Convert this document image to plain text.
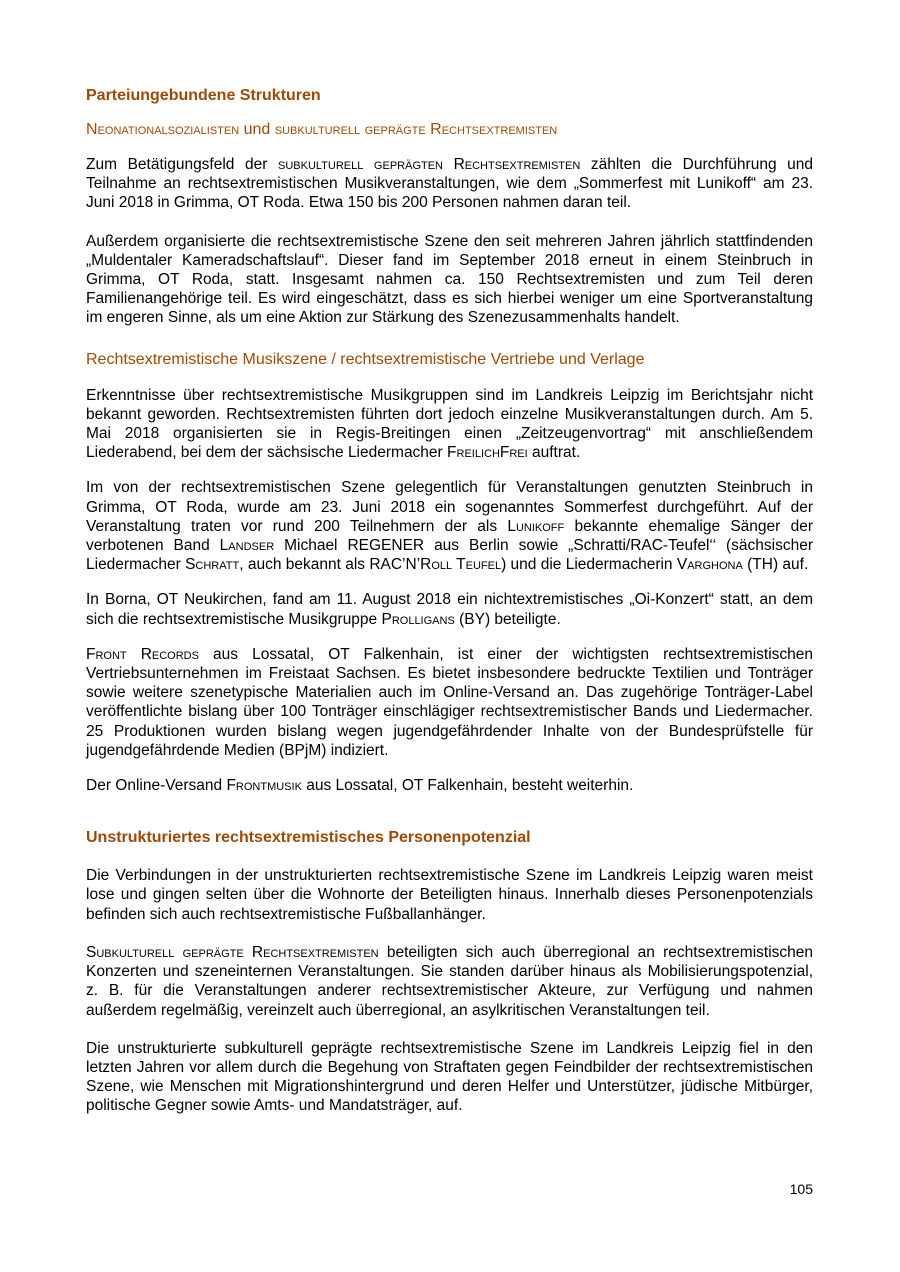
Parteiungebundene Strukturen
Neonationalsozialisten und subkulturell geprägte Rechtsextremisten

Zum Betätigungsfeld der subkulturell geprägten Rechtsextremisten zählten die Durchführung und Teilnahme an rechtsextremistischen Musikveranstaltungen, wie dem „Sommerfest mit Lunikoff“ am 23. Juni 2018 in Grimma, OT Roda. Etwa 150 bis 200 Personen nahmen daran teil.

Außerdem organisierte die rechtsextremistische Szene den seit mehreren Jahren jährlich stattfindenden „Muldentaler Kameradschaftslauf“. Dieser fand im September 2018 erneut in einem Steinbruch in Grimma, OT Roda, statt. Insgesamt nahmen ca. 150 Rechtsextremisten und zum Teil deren Familienangehörige teil. Es wird eingeschätzt, dass es sich hierbei weniger um eine Sportveranstaltung im engeren Sinne, als um eine Aktion zur Stärkung des Szenezusammenhalts handelt.

Rechtsextremistische Musikszene / rechtsextremistische Vertriebe und Verlage

Erkenntnisse über rechtsextremistische Musikgruppen sind im Landkreis Leipzig im Berichtsjahr nicht bekannt geworden. Rechtsextremisten führten dort jedoch einzelne Musikveranstaltungen durch. Am 5. Mai 2018 organisierten sie in Regis-Breitingen einen „Zeitzeugenvortrag“ mit anschließendem Liederabend, bei dem der sächsische Liedermacher FreilichFrei auftrat.

Im von der rechtsextremistischen Szene gelegentlich für Veranstaltungen genutzten Steinbruch in Grimma, OT Roda, wurde am 23. Juni 2018 ein sogenanntes Sommerfest durchgeführt. Auf der Veranstaltung traten vor rund 200 Teilnehmern der als Lunikoff bekannte ehemalige Sänger der verbotenen Band Landser Michael REGENER aus Berlin sowie „Schratti/RAC-Teufel‘‘ (sächsischer Liedermacher Schratt, auch bekannt als RAC’N’Roll Teufel) und die Liedermacherin Varghona (TH) auf.

In Borna, OT Neukirchen, fand am 11. August 2018 ein nichtextremistisches „Oi-Konzert“ statt, an dem sich die rechtsextremistische Musikgruppe Prolligans (BY) beteiligte.

Front Records aus Lossatal, OT Falkenhain, ist einer der wichtigsten rechtsextremistischen Vertriebsunternehmen im Freistaat Sachsen. Es bietet insbesondere bedruckte Textilien und Tonträger sowie weitere szenetypische Materialien auch im Online-Versand an. Das zugehörige Tonträger-Label veröffentlichte bislang über 100 Tonträger einschlägiger rechtsextremistischer Bands und Liedermacher. 25 Produktionen wurden bislang wegen jugendgefährdender Inhalte von der Bundesprüfstelle für jugendgefährdende Medien (BPjM) indiziert.

Der Online-Versand Frontmusik aus Lossatal, OT Falkenhain, besteht weiterhin.

Unstrukturiertes rechtsextremistisches Personenpotenzial

Die Verbindungen in der unstrukturierten rechtsextremistische Szene im Landkreis Leipzig waren meist lose und gingen selten über die Wohnorte der Beteiligten hinaus. Innerhalb dieses Personenpotenzials befinden sich auch rechtsextremistische Fußballanhänger.

Subkulturell geprägte Rechtsextremisten beteiligten sich auch überregional an rechtsextremistischen Konzerten und szeneinternen Veranstaltungen. Sie standen darüber hinaus als Mobilisierungspotenzial, z. B. für die Veranstaltungen anderer rechtsextremistischer Akteure, zur Verfügung und nahmen außerdem regelmäßig, vereinzelt auch überregional, an asylkritischen Veranstaltungen teil.

Die unstrukturierte subkulturell geprägte rechtsextremistische Szene im Landkreis Leipzig fiel in den letzten Jahren vor allem durch die Begehung von Straftaten gegen Feindbilder der rechtsextremistischen Szene, wie Menschen mit Migrationshintergrund und deren Helfer und Unterstützer, jüdische Mitbürger, politische Gegner sowie Amts- und Mandatsträger, auf.

105
